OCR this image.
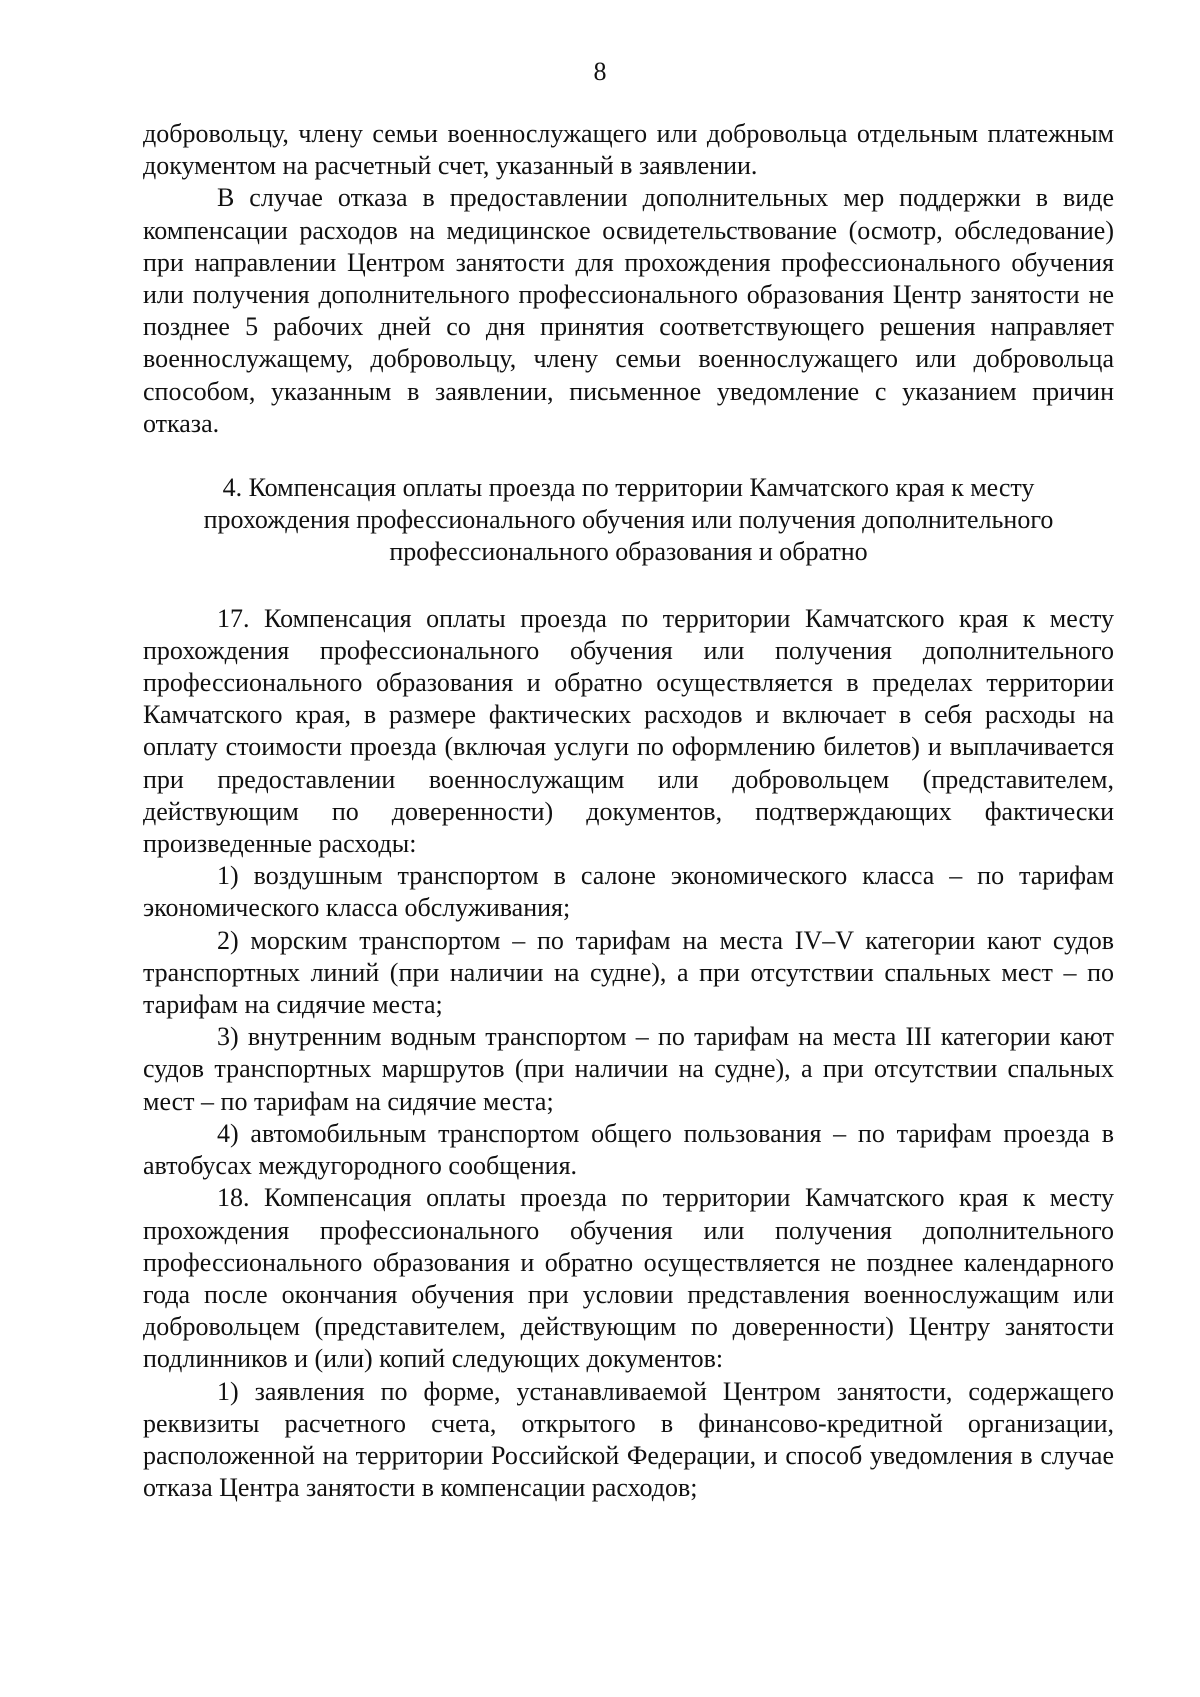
8

добровольцу, члену семьи военнослужащего или добровольца отдельным платежным документом на расчетный счет, указанный в заявлении.

В случае отказа в предоставлении дополнительных мер поддержки в виде компенсации расходов на медицинское освидетельствование (осмотр, обследование) при направлении Центром занятости для прохождения профессионального обучения или получения дополнительного профессионального образования Центр занятости не позднее 5 рабочих дней со дня принятия соответствующего решения направляет военнослужащему, добровольцу, члену семьи военнослужащего или добровольца способом, указанным в заявлении, письменное уведомление с указанием причин отказа.

4. Компенсация оплаты проезда по территории Камчатского края к месту прохождения профессионального обучения или получения дополнительного профессионального образования и обратно

17. Компенсация оплаты проезда по территории Камчатского края к месту прохождения профессионального обучения или получения дополнительного профессионального образования и обратно осуществляется в пределах территории Камчатского края, в размере фактических расходов и включает в себя расходы на оплату стоимости проезда (включая услуги по оформлению билетов) и выплачивается при предоставлении военнослужащим или добровольцем (представителем, действующим по доверенности) документов, подтверждающих фактически произведенные расходы:

1) воздушным транспортом в салоне экономического класса – по тарифам экономического класса обслуживания;

2) морским транспортом – по тарифам на места IV–V категории кают судов транспортных линий (при наличии на судне), а при отсутствии спальных мест – по тарифам на сидячие места;

3) внутренним водным транспортом – по тарифам на места III категории кают судов транспортных маршрутов (при наличии на судне), а при отсутствии спальных мест – по тарифам на сидячие места;

4) автомобильным транспортом общего пользования – по тарифам проезда в автобусах междугородного сообщения.

18. Компенсация оплаты проезда по территории Камчатского края к месту прохождения профессионального обучения или получения дополнительного профессионального образования и обратно осуществляется не позднее календарного года после окончания обучения при условии представления военнослужащим или добровольцем (представителем, действующим по доверенности) Центру занятости подлинников и (или) копий следующих документов:

1) заявления по форме, устанавливаемой Центром занятости, содержащего реквизиты расчетного счета, открытого в финансово-кредитной организации, расположенной на территории Российской Федерации, и способ уведомления в случае отказа Центра занятости в компенсации расходов;
